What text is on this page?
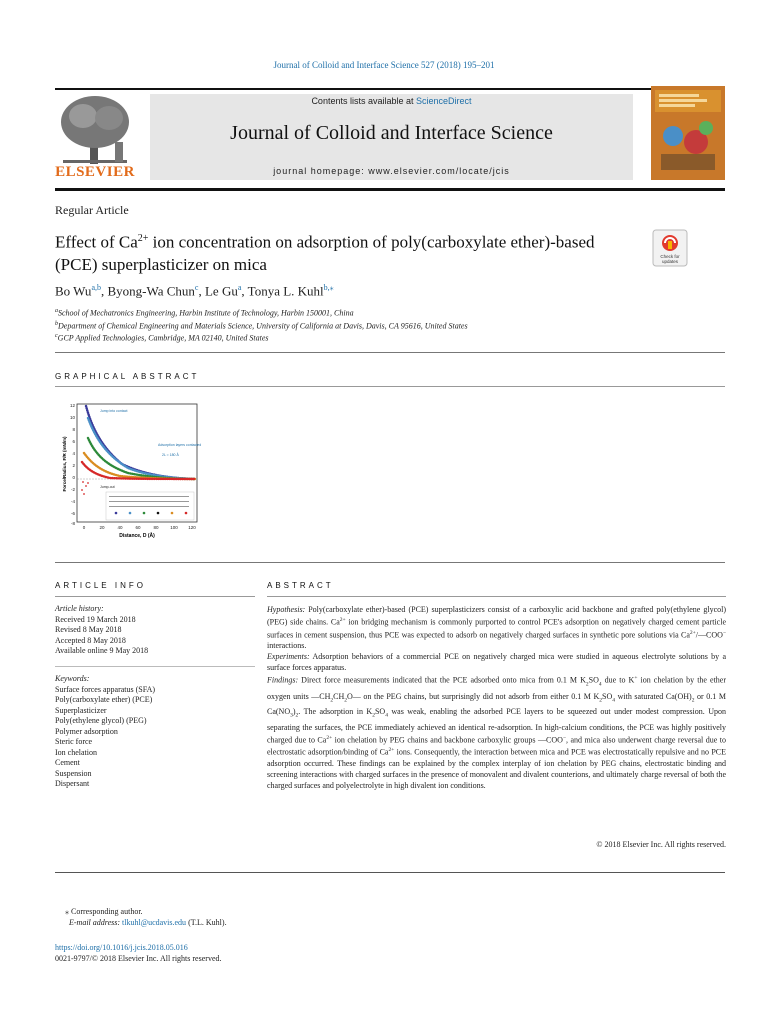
Journal of Colloid and Interface Science 527 (2018) 195–201
ELSEVIER
Contents lists available at ScienceDirect
Journal of Colloid and Interface Science
journal homepage: www.elsevier.com/locate/jcis
Regular Article
Effect of $Ca^{2+}$ ion concentration on adsorption of poly(carboxylate ether)-based (PCE) superplasticizer on mica	Check for
updates
Bo Wu$^{a,b}$, Byong-Wa Chun$^c$, Le Gu$^a$, Tonya L. Kuhl$^{b,⁎}$
$^a$School of Mechatronics Engineering, Harbin Institute of Technology, Harbin 150001, China
$^b$Department of Chemical Engineering and Materials Science, University of California at Davis, Davis, CA 95616, United States
$^c$GCP Applied Technologies, Cambridge, MA 02140, United States
GRAPHICAL ABSTRACT
12
10
8
6
4
2
0
-2
-4
-6
-8
0	20	40	60	80	100 120
Distance, D (Å)
Force/Radius, F/R (mN/m)
Jump into contact
Adsorption layers contacted
2L ≈ 180 Å
Jump-out
ARTICLE INFO
Article history:
Received 19 March 2018
Revised 8 May 2018
Accepted 8 May 2018
Available online 9 May 2018
Keywords:
Surface forces apparatus (SFA)
Poly(carboxylate ether) (PCE)
Superplasticizer
Poly(ethylene glycol) (PEG)
Polymer adsorption
Steric force
Ion chelation
Cement
Suspension
Dispersant
ABSTRACT
Hypothesis: Poly(carboxylate ether)-based (PCE) superplasticizers consist of a carboxylic acid backbone and grafted poly(ethylene glycol) (PEG) side chains. $Ca^{2+}$ ion bridging mechanism is commonly purported to control PCE's adsorption on negatively charged cement particle surfaces in cement suspension, thus PCE was expected to adsorb on negatively charged surfaces in synthetic pore solutions via $Ca^{2+}/—COO^-$ interactions.
Experiments: Adsorption behaviors of a commercial PCE on negatively charged mica were studied in aqueous electrolyte solutions by a surface forces apparatus.
Findings: Direct force measurements indicated that the PCE adsorbed onto mica from 0.1 M $K_2SO_4$ due to K+ ion chelation by the ether oxygen units $—CH_2CH_2O—$ on the PEG chains, but surprisingly did not adsorb from either 0.1 M $K_2SO_4$ with saturated $Ca(OH)_2$ or 0.1 M $Ca(NO_3)_2$. The adsorption in $K_2SO_4$ was weak, enabling the adsorbed PCE layers to be squeezed out under modest compression. Upon separating the surfaces, the PCE immediately achieved an identical re-adsorption. In high-calcium conditions, the PCE was highly positively charged due to $Ca^{2+}$ ion chelation by PEG chains and backbone carboxylic groups —COO−, and mica also underwent charge reversal due to electrostatic adsorption/binding of $Ca^{2+}$ ions. Consequently, the interaction between mica and PCE was electrostatically repulsive and no PCE adsorption occurred. These findings can be explained by the complex interplay of ion chelation by PEG chains, electrostatic binding and screening interactions with charged surfaces in the presence of monovalent and divalent counterions, and ultimately charge reversal of both the charged surfaces and polyelectrolyte in high divalent ion conditions.
© 2018 Elsevier Inc. All rights reserved.
⁎ Corresponding author.
E-mail address: tlkuhl@ucdavis.edu (T.L. Kuhl).
https://doi.org/10.1016/j.jcis.2018.05.016
0021-9797/© 2018 Elsevier Inc. All rights reserved.
